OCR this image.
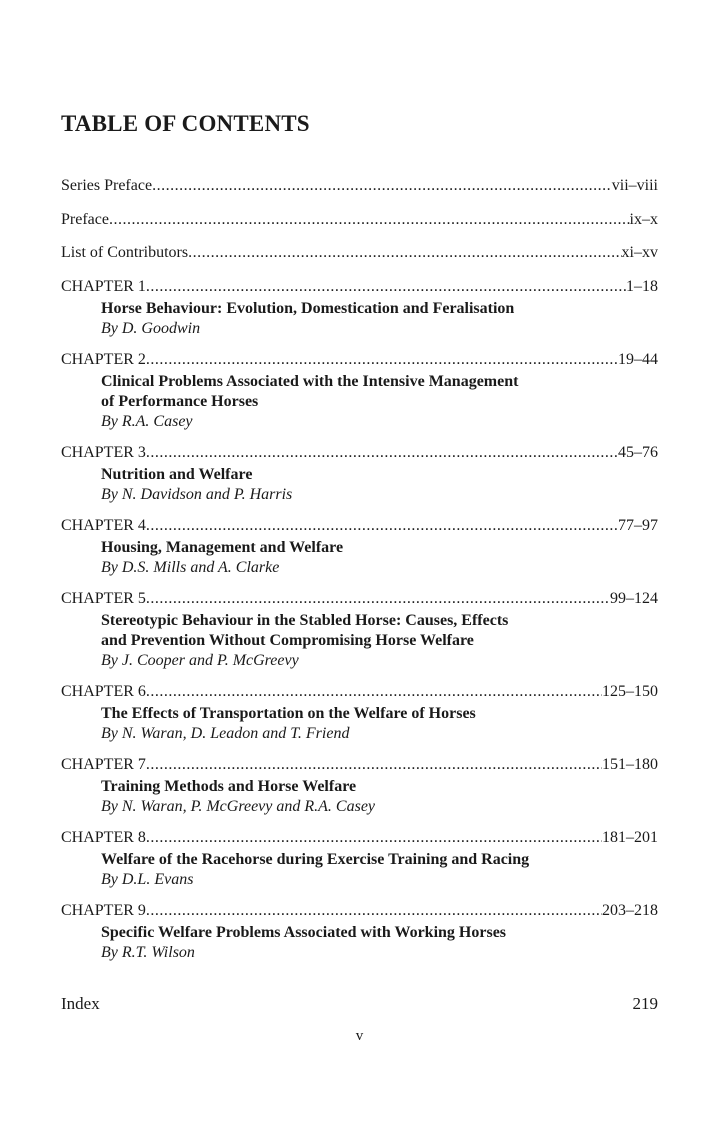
TABLE OF CONTENTS
Series Preface .....	vii–viii
Preface .....	ix–x
List of Contributors .....	xi–xv
CHAPTER 1 .....	1–18
Horse Behaviour: Evolution, Domestication and Feralisation
By D. Goodwin
CHAPTER 2 .....	19–44
Clinical Problems Associated with the Intensive Management
of Performance Horses
By R.A. Casey
CHAPTER 3 .....	45–76
Nutrition and Welfare
By N. Davidson and P. Harris
CHAPTER 4 .....	77–97
Housing, Management and Welfare
By D.S. Mills and A. Clarke
CHAPTER 5 .....	99–124
Stereotypic Behaviour in the Stabled Horse: Causes, Effects
and Prevention Without Compromising Horse Welfare
By J. Cooper and P. McGreevy
CHAPTER 6 .....	125–150
The Effects of Transportation on the Welfare of Horses
By N. Waran, D. Leadon and T. Friend
CHAPTER 7 .....	151–180
Training Methods and Horse Welfare
By N. Waran, P. McGreevy and R.A. Casey
CHAPTER 8 .....	181–201
Welfare of the Racehorse during Exercise Training and Racing
By D.L. Evans
CHAPTER 9 .....	203–218
Specific Welfare Problems Associated with Working Horses
By R.T. Wilson
Index	219
v
